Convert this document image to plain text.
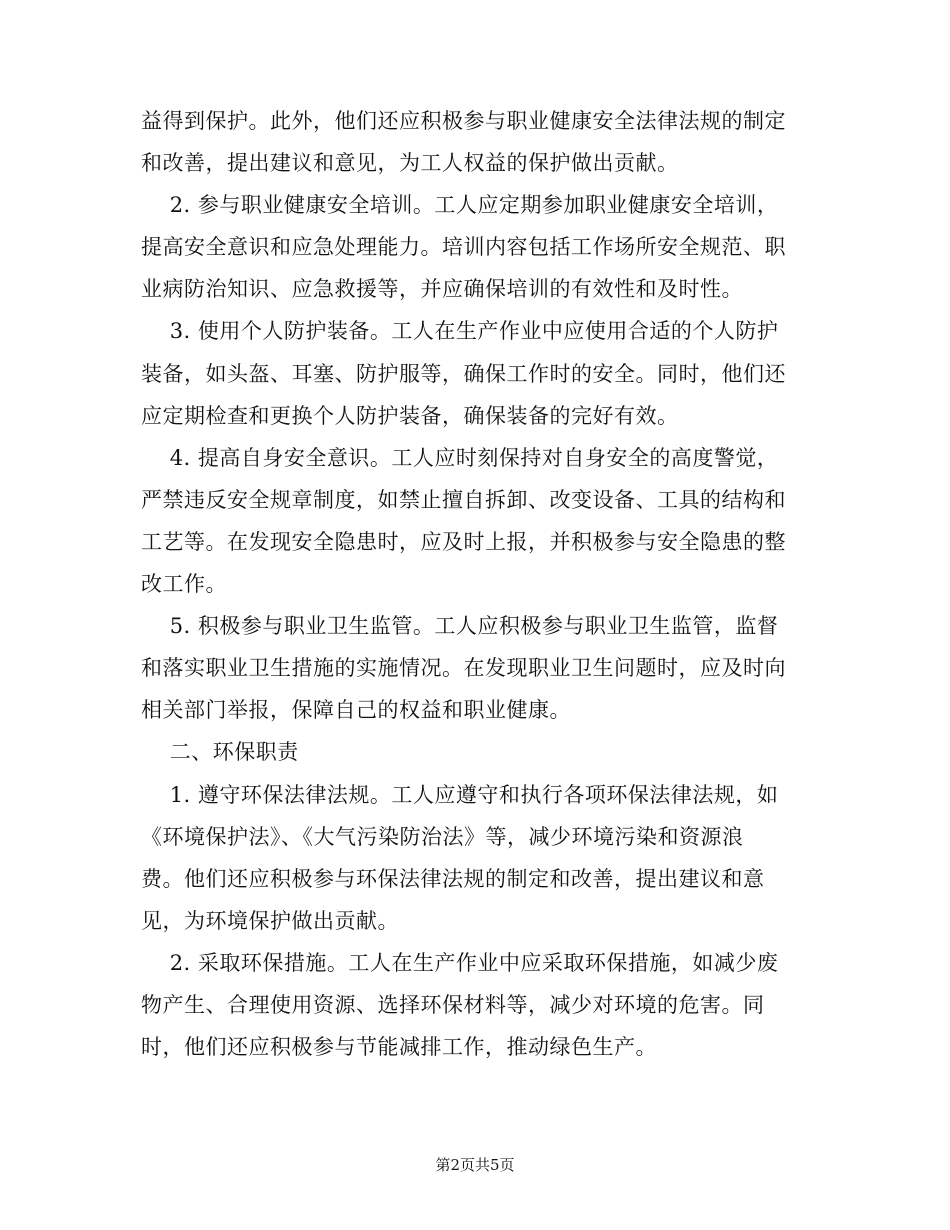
益得到保护。此外，他们还应积极参与职业健康安全法律法规的制定
和改善，提出建议和意见，为工人权益的保护做出贡献。

2. 参与职业健康安全培训。工人应定期参加职业健康安全培训，
提高安全意识和应急处理能力。培训内容包括工作场所安全规范、职
业病防治知识、应急救援等，并应确保培训的有效性和及时性。

3. 使用个人防护装备。工人在生产作业中应使用合适的个人防护
装备，如头盔、耳塞、防护服等，确保工作时的安全。同时，他们还
应定期检查和更换个人防护装备，确保装备的完好有效。

4. 提高自身安全意识。工人应时刻保持对自身安全的高度警觉，
严禁违反安全规章制度，如禁止擅自拆卸、改变设备、工具的结构和
工艺等。在发现安全隐患时，应及时上报，并积极参与安全隐患的整
改工作。

5. 积极参与职业卫生监管。工人应积极参与职业卫生监管，监督
和落实职业卫生措施的实施情况。在发现职业卫生问题时，应及时向
相关部门举报，保障自己的权益和职业健康。

二、环保职责

1. 遵守环保法律法规。工人应遵守和执行各项环保法律法规，如
《环境保护法》、《大气污染防治法》等，减少环境污染和资源浪
费。他们还应积极参与环保法律法规的制定和改善，提出建议和意
见，为环境保护做出贡献。

2. 采取环保措施。工人在生产作业中应采取环保措施，如减少废
物产生、合理使用资源、选择环保材料等，减少对环境的危害。同
时，他们还应积极参与节能减排工作，推动绿色生产。

第2页共5页
